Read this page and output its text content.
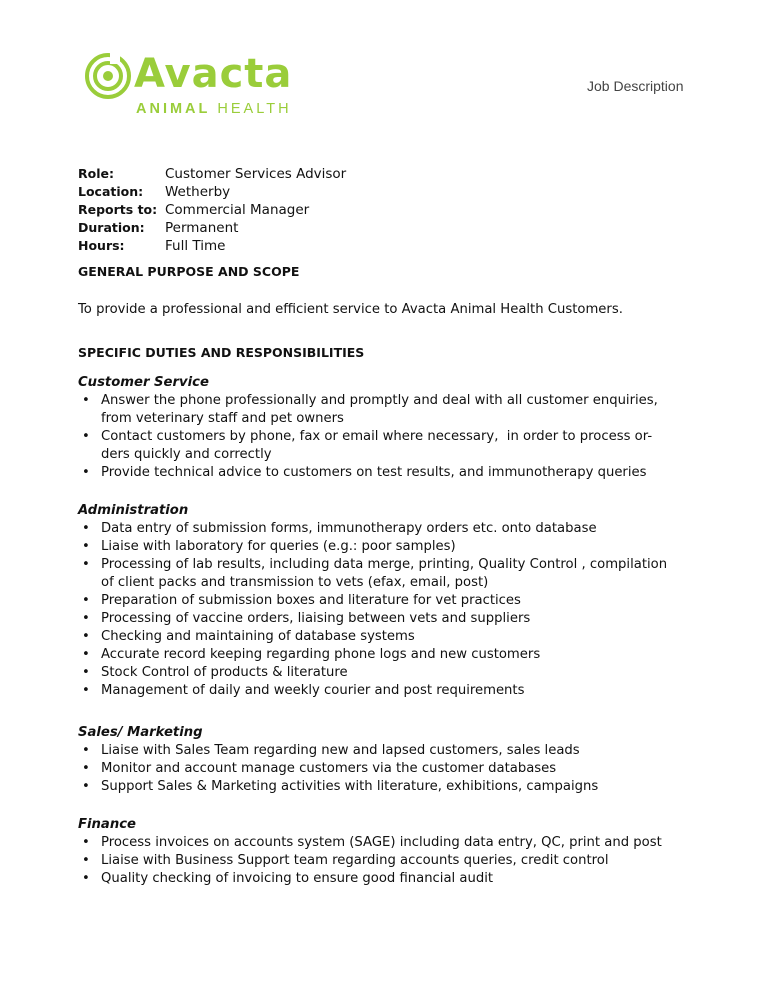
Avacta
ANIMAL HEALTH
Job Description
Role:	Customer Services Advisor
Location:	Wetherby
Reports to: Commercial Manager
Duration:	Permanent
Hours:	Full Time
GENERAL PURPOSE AND SCOPE
To provide a professional and efficient service to Avacta Animal Health Customers.
SPECIFIC DUTIES AND RESPONSIBILITIES
Customer Service
• Answer the phone professionally and promptly and deal with all customer enquiries,
from veterinary staff and pet owners
• Contact customers by phone, fax or email where necessary,  in order to process or-
ders quickly and correctly
• Provide technical advice to customers on test results, and immunotherapy queries
Administration
• Data entry of submission forms, immunotherapy orders etc. onto database
• Liaise with laboratory for queries (e.g.: poor samples)
• Processing of lab results, including data merge, printing, Quality Control , compilation
of client packs and transmission to vets (efax, email, post)
• Preparation of submission boxes and literature for vet practices
• Processing of vaccine orders, liaising between vets and suppliers
• Checking and maintaining of database systems
• Accurate record keeping regarding phone logs and new customers
• Stock Control of products & literature
• Management of daily and weekly courier and post requirements
Sales/ Marketing
• Liaise with Sales Team regarding new and lapsed customers, sales leads
• Monitor and account manage customers via the customer databases
• Support Sales & Marketing activities with literature, exhibitions, campaigns
Finance
• Process invoices on accounts system (SAGE) including data entry, QC, print and post
• Liaise with Business Support team regarding accounts queries, credit control
• Quality checking of invoicing to ensure good financial audit
